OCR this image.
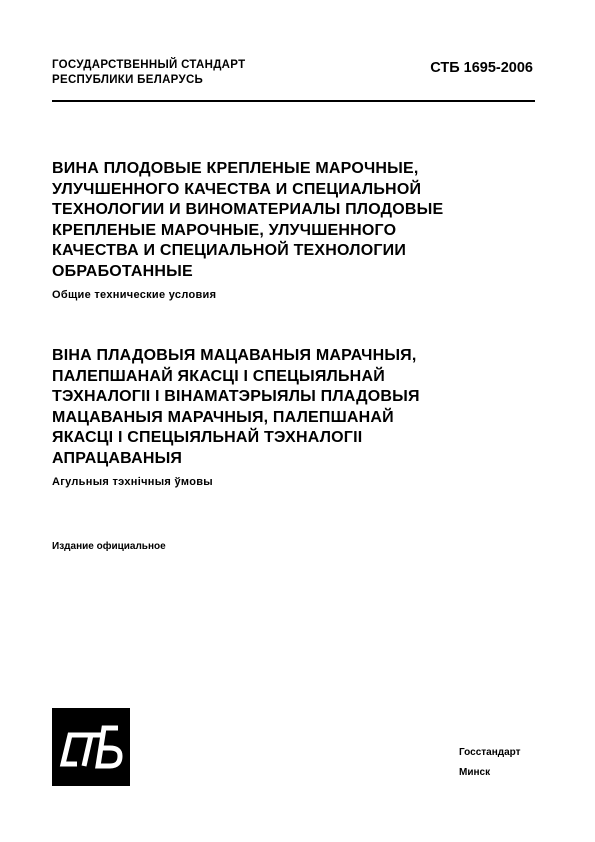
ГОСУДАРСТВЕННЫЙ СТАНДАРТ
РЕСПУБЛИКИ БЕЛАРУСЬ
СТБ 1695-2006
ВИНА ПЛОДОВЫЕ КРЕПЛЕНЫЕ МАРОЧНЫЕ,
УЛУЧШЕННОГО КАЧЕСТВА И СПЕЦИАЛЬНОЙ
ТЕХНОЛОГИИ И ВИНОМАТЕРИАЛЫ ПЛОДОВЫЕ
КРЕПЛЕНЫЕ МАРОЧНЫЕ, УЛУЧШЕННОГО
КАЧЕСТВА И СПЕЦИАЛЬНОЙ ТЕХНОЛОГИИ
ОБРАБОТАННЫЕ
Общие технические условия
ВІНА ПЛАДОВЫЯ МАЦАВАНЫЯ МАРАЧНЫЯ,
ПАЛЕПШАНАЙ ЯКАСЦІ І СПЕЦЫЯЛЬНАЙ
ТЭХНАЛОГІІ І ВІНАМАТЭРЫЯЛЫ ПЛАДОВЫЯ
МАЦАВАНЫЯ МАРАЧНЫЯ, ПАЛЕПШАНАЙ
ЯКАСЦІ І СПЕЦЫЯЛЬНАЙ ТЭХНАЛОГІІ
АПРАЦАВАНЫЯ
Агульныя тэхнічныя ўмовы
Издание официальное
Госстандарт
Минск
